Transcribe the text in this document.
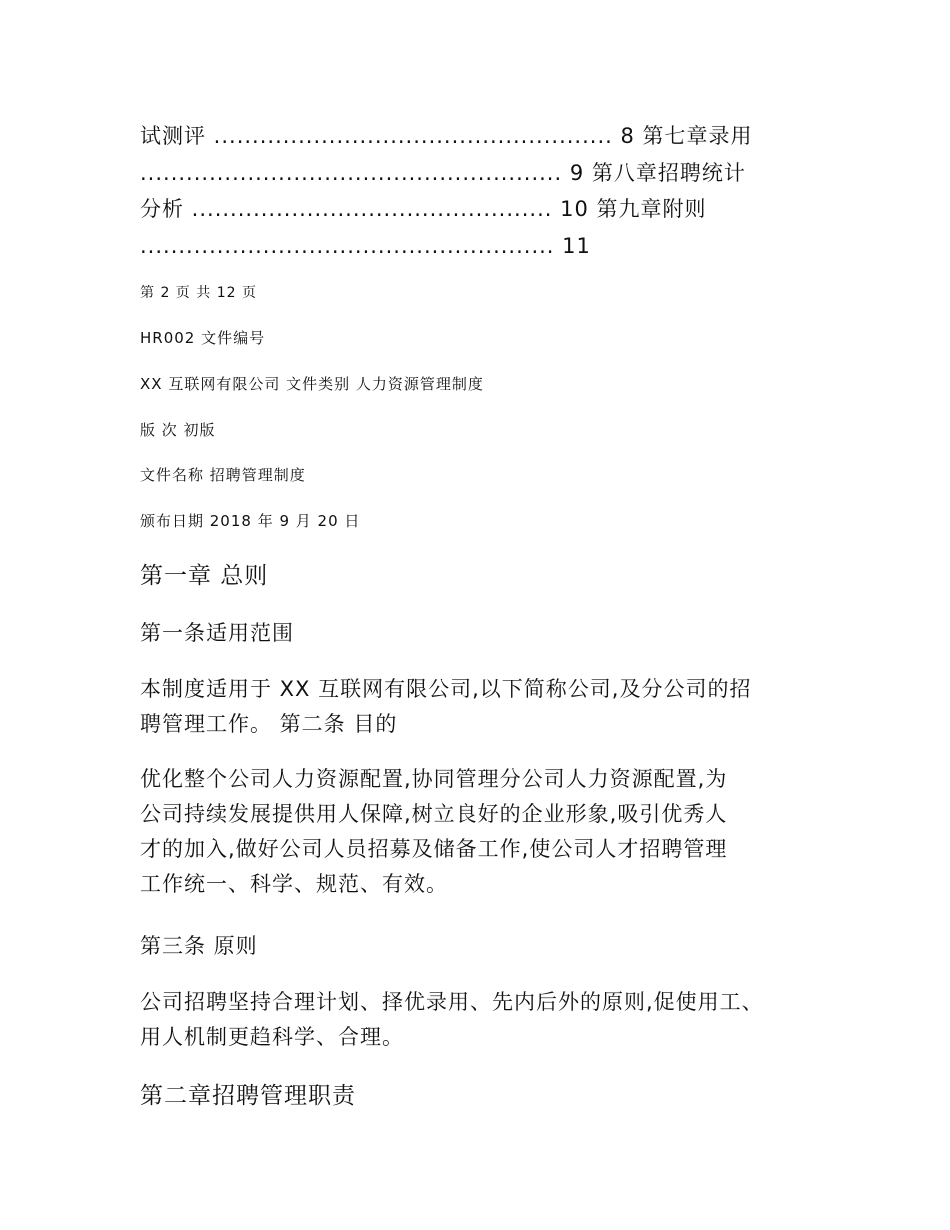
试测评 .................................................... 8 第七章录用
....................................................... 9 第八章招聘统计
分析 ............................................... 10 第九章附则
...................................................... 11
第 2 页 共 12 页
HR002 文件编号
XX 互联网有限公司 文件类别 人力资源管理制度
版 次 初版
文件名称 招聘管理制度
颁布日期 2018 年 9 月 20 日
第一章 总则
第一条适用范围
本制度适用于 XX 互联网有限公司,以下简称公司,及分公司的招
聘管理工作。 第二条 目的
优化整个公司人力资源配置,协同管理分公司人力资源配置,为
公司持续发展提供用人保障,树立良好的企业形象,吸引优秀人
才的加入,做好公司人员招募及储备工作,使公司人才招聘管理
工作统一、科学、规范、有效。
第三条 原则
公司招聘坚持合理计划、择优录用、先内后外的原则,促使用工、
用人机制更趋科学、合理。
第二章招聘管理职责
